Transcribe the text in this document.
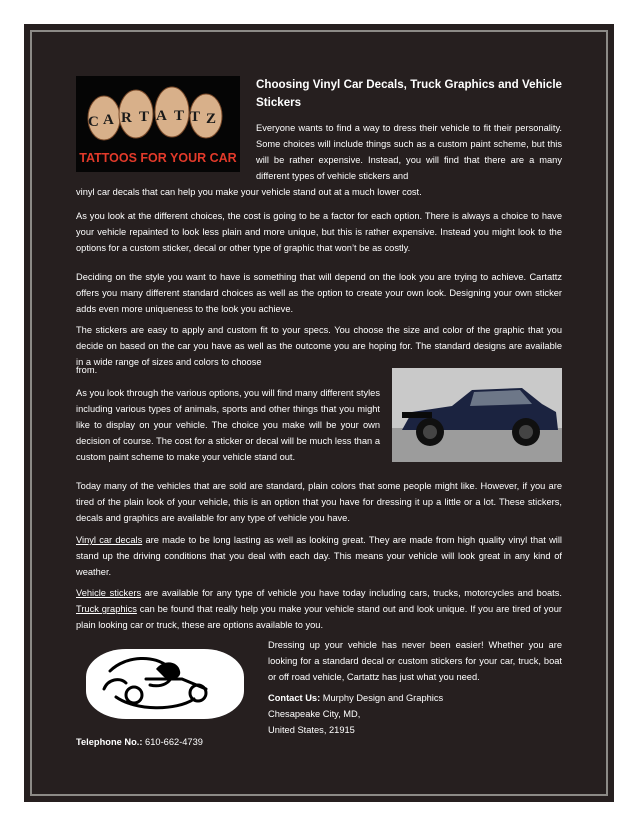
C A R T A T T Z
TATTOOS FOR YOUR CAR
Choosing Vinyl Car Decals, Truck Graphics and Vehicle Stickers

Everyone wants to find a way to dress their vehicle to fit their personality. Some choices will include things such as a custom paint scheme, but this will be rather expensive. Instead, you will find that there are a many different types of vehicle stickers and

vinyl car decals that can help you make your vehicle stand out at a much lower cost.

As you look at the different choices, the cost is going to be a factor for each option. There is always a choice to have your vehicle repainted to look less plain and more unique, but this is rather expensive. Instead you might look to the options for a custom sticker, decal or other type of graphic that won’t be as costly.

Deciding on the style you want to have is something that will depend on the look you are trying to achieve. Cartattz offers you many different standard choices as well as the option to create your own look. Designing your own sticker adds even more uniqueness to the look you achieve.

The stickers are easy to apply and custom fit to your specs. You choose the size and color of the graphic that you decide on based on the car you have as well as the outcome you are hoping for. The standard designs are available in a wide range of sizes and colors to choose

from.

As you look through the various options, you will find many different styles including various types of animals, sports and other things that you might like to display on your vehicle. The choice you make will be your own decision of course. The cost for a sticker or decal will be much less than a custom paint scheme to make your vehicle stand out.

Today many of the vehicles that are sold are standard, plain colors that some people might like. However, if you are tired of the plain look of your vehicle, this is an option that you have for dressing it up a little or a lot. These stickers, decals and graphics are available for any type of vehicle you have.

Vinyl car decals are made to be long lasting as well as looking great. They are made from high quality vinyl that will stand up the driving conditions that you deal with each day. This means your vehicle will look great in any kind of weather.

Vehicle stickers are available for any type of vehicle you have today including cars, trucks, motorcycles and boats. Truck graphics can be found that really help you make your vehicle stand out and look unique. If you are tired of your plain looking car or truck, these are options available to you.

Dressing up your vehicle has never been easier! Whether you are looking for a standard decal or custom stickers for your car, truck, boat or off road vehicle, Cartattz has just what you need.

Contact Us: Murphy Design and Graphics
Chesapeake City, MD,
United States, 21915
Telephone No.: 610-662-4739
